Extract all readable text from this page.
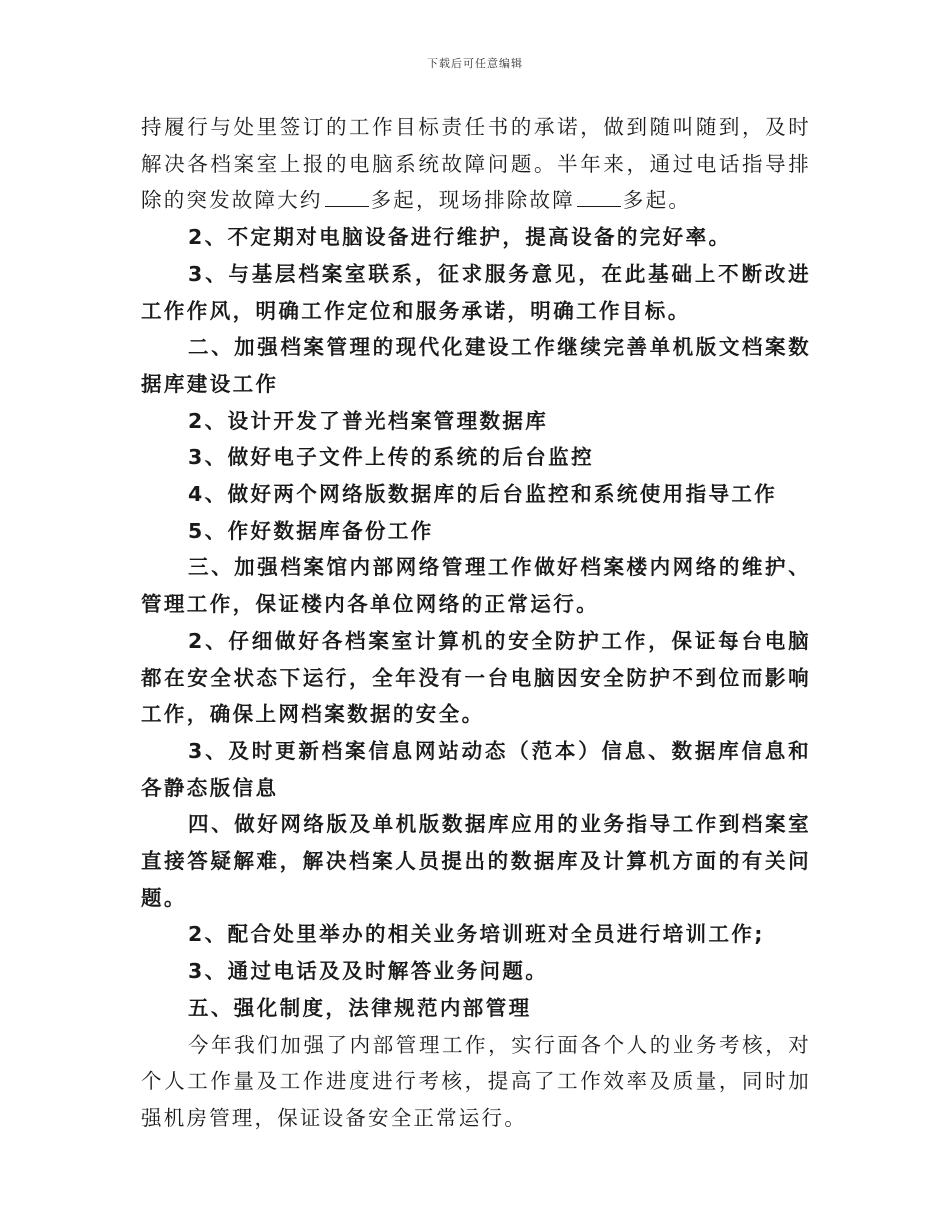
下载后可任意编辑

持履行与处里签订的工作目标责任书的承诺，做到随叫随到，及时解决各档案室上报的电脑系统故障问题。半年来，通过电话指导排除的突发故障大约 多起，现场排除故障 多起。

2、不定期对电脑设备进行维护，提高设备的完好率。

3、与基层档案室联系，征求服务意见，在此基础上不断改进工作作风，明确工作定位和服务承诺，明确工作目标。

二、加强档案管理的现代化建设工作继续完善单机版文档案数据库建设工作

2、设计开发了普光档案管理数据库

3、做好电子文件上传的系统的后台监控

4、做好两个网络版数据库的后台监控和系统使用指导工作

5、作好数据库备份工作

三、加强档案馆内部网络管理工作做好档案楼内网络的维护、管理工作，保证楼内各单位网络的正常运行。

2、仔细做好各档案室计算机的安全防护工作，保证每台电脑都在安全状态下运行，全年没有一台电脑因安全防护不到位而影响工作，确保上网档案数据的安全。

3、及时更新档案信息网站动态（范本）信息、数据库信息和各静态版信息

四、做好网络版及单机版数据库应用的业务指导工作到档案室直接答疑解难，解决档案人员提出的数据库及计算机方面的有关问题。

2、配合处里举办的相关业务培训班对全员进行培训工作;

3、通过电话及及时解答业务问题。

五、强化制度，法律规范内部管理

今年我们加强了内部管理工作，实行面各个人的业务考核，对个人工作量及工作进度进行考核，提高了工作效率及质量，同时加强机房管理，保证设备安全正常运行。
